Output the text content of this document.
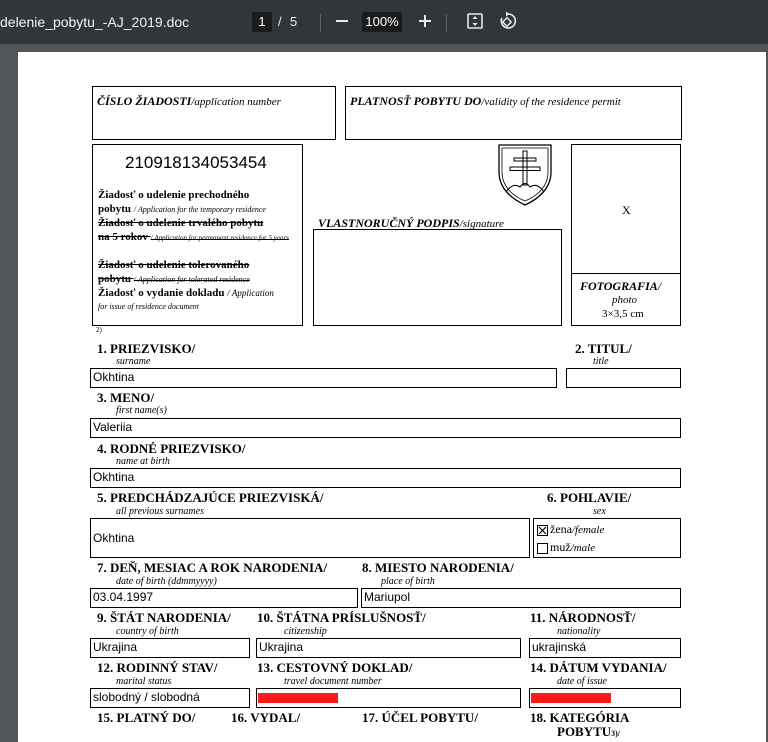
delenie_pobytu_-AJ_2019.doc	1 / 5	100%
ČÍSLO ŽIADOSTI/application number	PLATNOSŤ POBYTU DO/validity of the residence permit
210918134053454
Žiadosť o udelenie prechodného
pobytu / Application for the temporary residence
Žiadosť o udelenie trvalého pobytu
na 5 rokov / Application for permanent residence for 5 years
Žiadosť o udelenie tolerovaného
pobytu / Application for tolerated residence
Žiadosť o vydanie dokladu / Application
for issue of residence document
2)
VLASTNORUČNÝ PODPIS/signature
X
FOTOGRAFIA/
photo
3×3,5 cm
1. PRIEZVISKO/
surname
Okhtina
2. TITUL/
title
3. MENO/
first name(s)
Valeriia
4. RODNÉ PRIEZVISKO/
name at birth
Okhtina
5. PREDCHÁDZAJÚCE PRIEZVISKÁ/
all previous surnames
Okhtina
6. POHLAVIE/
sex
žena/female
muž/male
7. DEŇ, MESIAC A ROK NARODENIA/
date of birth (ddmmyyyy)
03.04.1997
8. MIESTO NARODENIA/
place of birth
Mariupol
9. ŠTÁT NARODENIA/
country of birth
Ukrajina
10. ŠTÁTNA PRÍSLUŠNOSŤ/
citizenship
Ukrajina
11. NÁRODNOSŤ/
nationality
ukrajinská
12. RODINNÝ STAV/
marital status
slobodný / slobodná
13. CESTOVNÝ DOKLAD/
travel document number
14. DÁTUM VYDANIA/
date of issue
15. PLATNÝ DO/	16. VYDAL/	17. ÚČEL POBYTU/	18. KATEGÓRIA
POBYTU3)/
